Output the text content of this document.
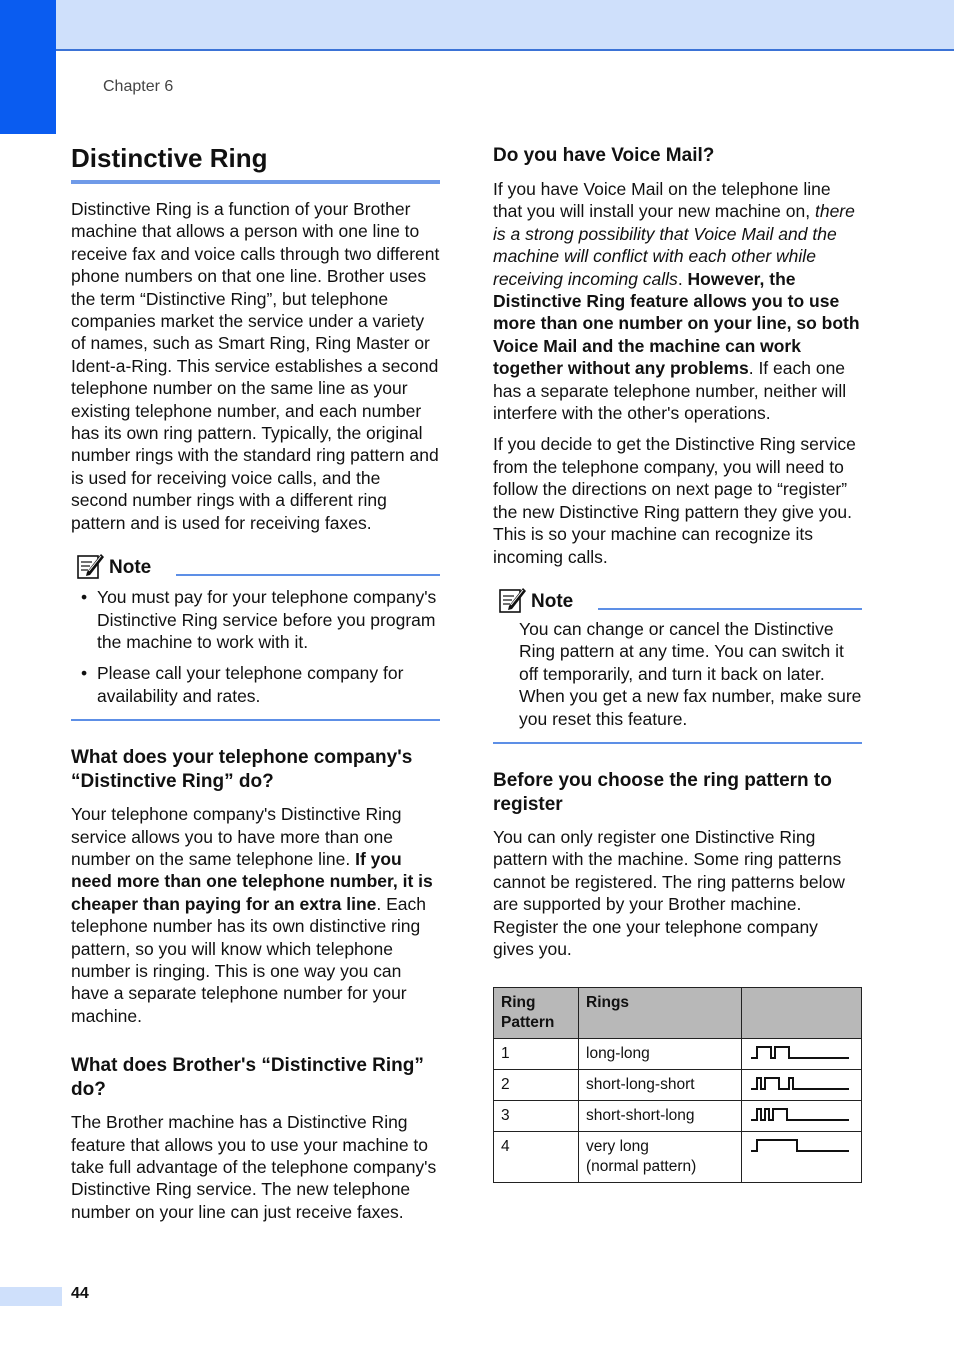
Chapter 6
Distinctive Ring

Distinctive Ring is a function of your Brother machine that allows a person with one line to receive fax and voice calls through two different phone numbers on that one line. Brother uses the term “Distinctive Ring”, but telephone companies market the service under a variety of names, such as Smart Ring, Ring Master or Ident-a-Ring. This service establishes a second telephone number on the same line as your existing telephone number, and each number has its own ring pattern. Typically, the original number rings with the standard ring pattern and is used for receiving voice calls, and the second number rings with a different ring pattern and is used for receiving faxes.

Note
• You must pay for your telephone company's Distinctive Ring service before you program the machine to work with it.
• Please call your telephone company for availability and rates.
What does your telephone company's “Distinctive Ring” do?

Your telephone company's Distinctive Ring service allows you to have more than one number on the same telephone line. If you need more than one telephone number, it is cheaper than paying for an extra line. Each telephone number has its own distinctive ring pattern, so you will know which telephone number is ringing. This is one way you can have a separate telephone number for your machine.

What does Brother's “Distinctive Ring” do?

The Brother machine has a Distinctive Ring feature that allows you to use your machine to take full advantage of the telephone company's Distinctive Ring service. The new telephone number on your line can just receive faxes.

Do you have Voice Mail?

If you have Voice Mail on the telephone line that you will install your new machine on, there is a strong possibility that Voice Mail and the machine will conflict with each other while receiving incoming calls. However, the Distinctive Ring feature allows you to use more than one number on your line, so both Voice Mail and the machine can work together without any problems. If each one has a separate telephone number, neither will interfere with the other's operations.

If you decide to get the Distinctive Ring service from the telephone company, you will need to follow the directions on next page to “register” the new Distinctive Ring pattern they give you. This is so your machine can recognize its incoming calls.

Note

You can change or cancel the Distinctive Ring pattern at any time. You can switch it off temporarily, and turn it back on later. When you get a new fax number, make sure you reset this feature.

Before you choose the ring pattern to register

You can only register one Distinctive Ring pattern with the machine. Some ring patterns cannot be registered. The ring patterns below are supported by your Brother machine. Register the one your telephone company gives you.

Ring Pattern	Rings	
1	long-long	

2	short-long-short	

3	short-short-long	

4	very long
(normal pattern)	
44
